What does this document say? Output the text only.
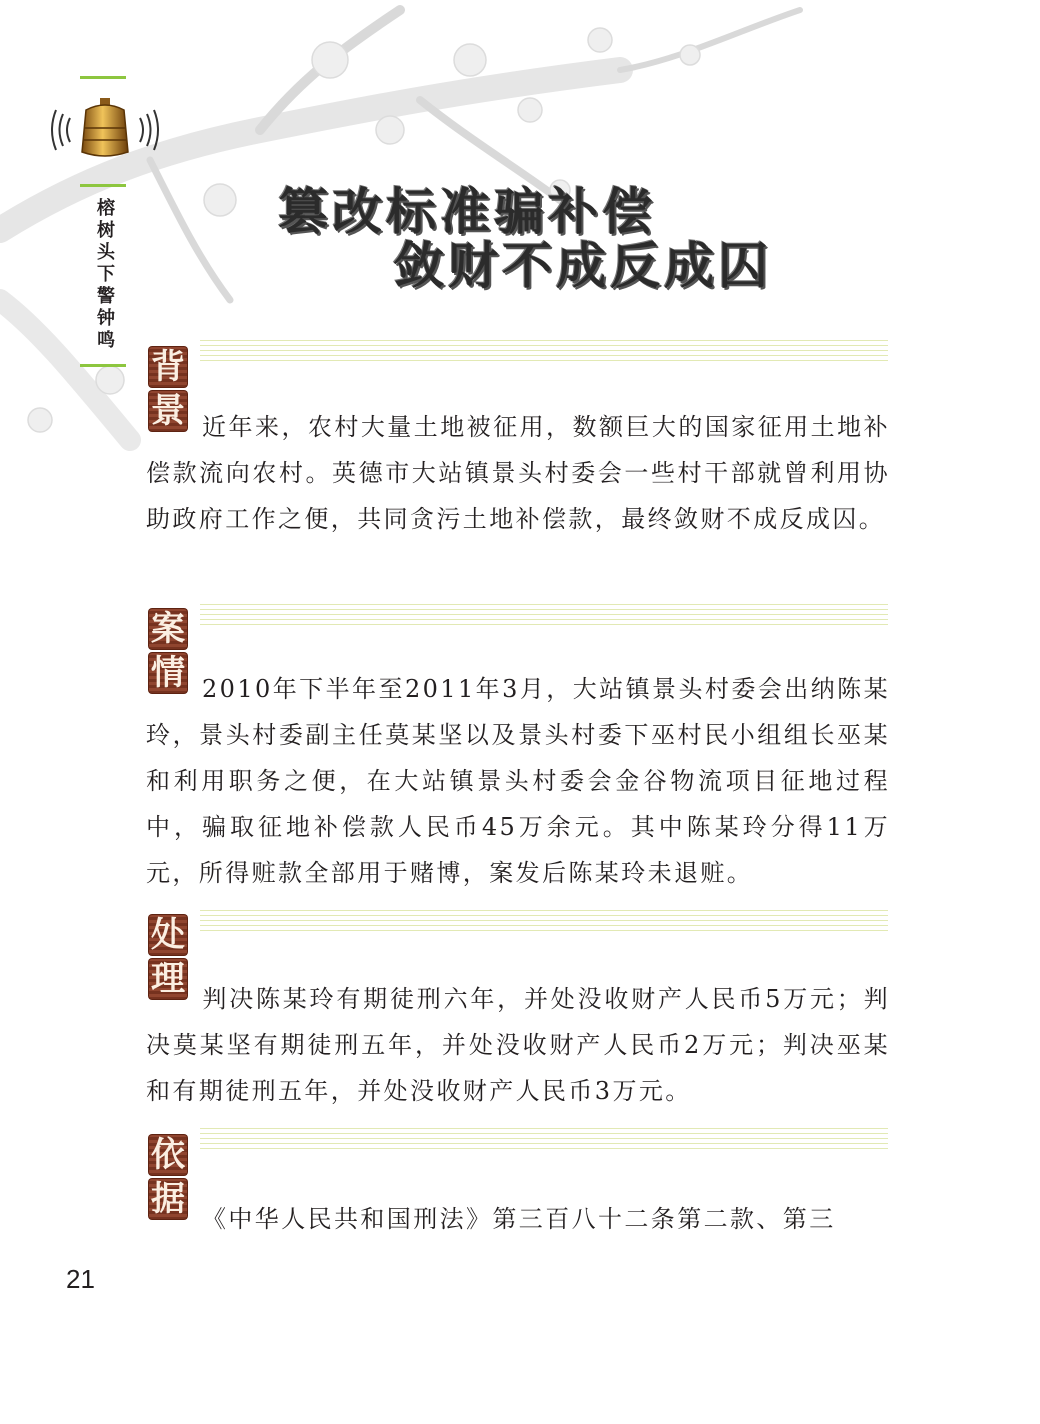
榕树头下警钟鸣	篡改标准骗补偿
敛财不成反成囚
背
景 近年来，农村大量土地被征用，数额巨大的国家征用土地补偿款流向农村。英德市大站镇景头村委会一些村干部就曾利用协助政府工作之便，共同贪污土地补偿款，最终敛财不成反成囚。

案
情 2010年下半年至2011年3月，大站镇景头村委会出纳陈某玲，景头村委副主任莫某坚以及景头村委下巫村民小组组长巫某和利用职务之便，在大站镇景头村委会金谷物流项目征地过程中，骗取征地补偿款人民币45万余元。其中陈某玲分得11万元，所得赃款全部用于赌博，案发后陈某玲未退赃。

处
理 判决陈某玲有期徒刑六年，并处没收财产人民币5万元；判决莫某坚有期徒刑五年，并处没收财产人民币2万元；判决巫某和有期徒刑五年，并处没收财产人民币3万元。

依
据 《中华人民共和国刑法》第三百八十二条第二款、第三

21
